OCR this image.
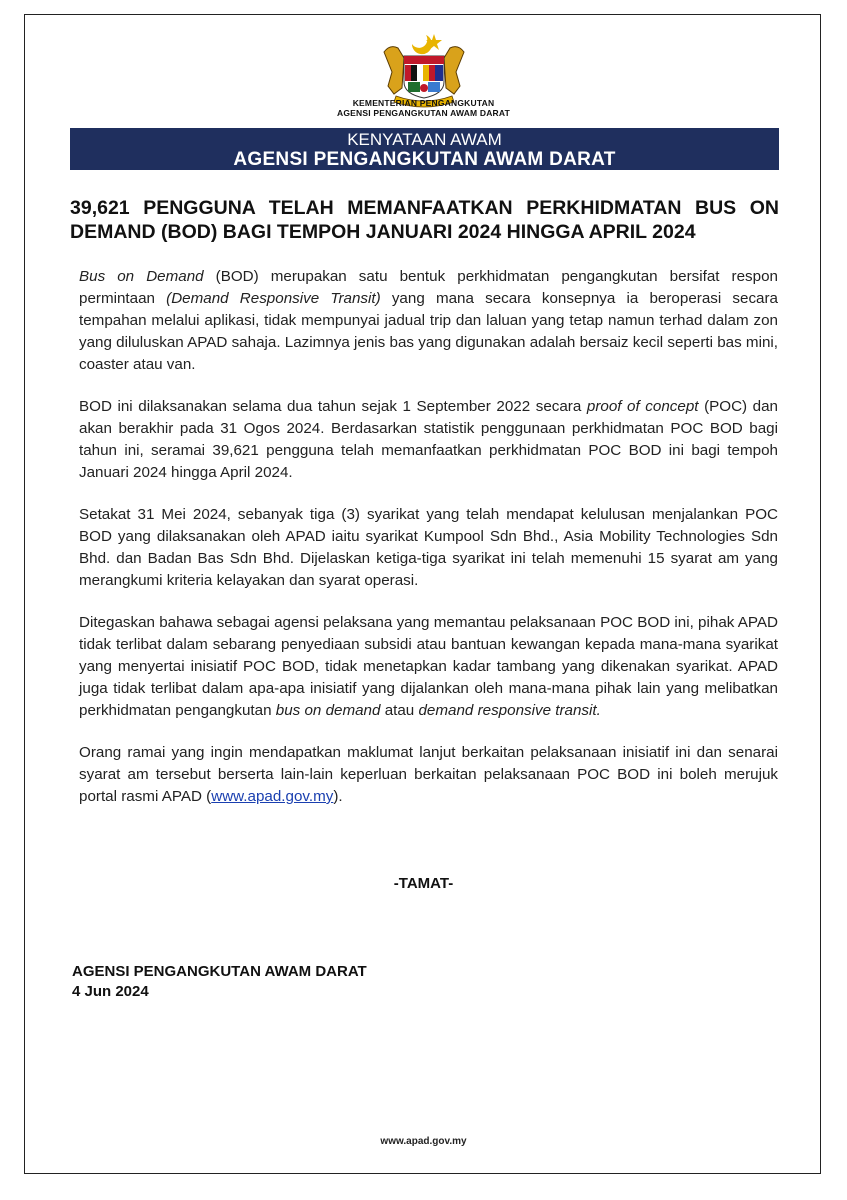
KEMENTERIAN PENGANGKUTAN
AGENSI PENGANGKUTAN AWAM DARAT
KENYATAAN AWAM
AGENSI PENGANGKUTAN AWAM DARAT
39,621 PENGGUNA TELAH MEMANFAATKAN PERKHIDMATAN BUS ON DEMAND (BOD) BAGI TEMPOH JANUARI 2024 HINGGA APRIL 2024

Bus on Demand (BOD) merupakan satu bentuk perkhidmatan pengangkutan bersifat respon permintaan (Demand Responsive Transit) yang mana secara konsepnya ia beroperasi secara tempahan melalui aplikasi, tidak mempunyai jadual trip dan laluan yang tetap namun terhad dalam zon yang diluluskan APAD sahaja. Lazimnya jenis bas yang digunakan adalah bersaiz kecil seperti bas mini, coaster atau van.

BOD ini dilaksanakan selama dua tahun sejak 1 September 2022 secara proof of concept (POC) dan akan berakhir pada 31 Ogos 2024. Berdasarkan statistik penggunaan perkhidmatan POC BOD bagi tahun ini, seramai 39,621 pengguna telah memanfaatkan perkhidmatan POC BOD ini bagi tempoh Januari 2024 hingga April 2024.

Setakat 31 Mei 2024, sebanyak tiga (3) syarikat yang telah mendapat kelulusan menjalankan POC BOD yang dilaksanakan oleh APAD iaitu syarikat Kumpool Sdn Bhd., Asia Mobility Technologies Sdn Bhd. dan Badan Bas Sdn Bhd. Dijelaskan ketiga-tiga syarikat ini telah memenuhi 15 syarat am yang merangkumi kriteria kelayakan dan syarat operasi.

Ditegaskan bahawa sebagai agensi pelaksana yang memantau pelaksanaan POC BOD ini, pihak APAD tidak terlibat dalam sebarang penyediaan subsidi atau bantuan kewangan kepada mana-mana syarikat yang menyertai inisiatif POC BOD, tidak menetapkan kadar tambang yang dikenakan syarikat. APAD juga tidak terlibat dalam apa-apa inisiatif yang dijalankan oleh mana-mana pihak lain yang melibatkan perkhidmatan pengangkutan bus on demand atau demand responsive transit.

Orang ramai yang ingin mendapatkan maklumat lanjut berkaitan pelaksanaan inisiatif ini dan senarai syarat am tersebut berserta lain-lain keperluan berkaitan pelaksanaan POC BOD ini boleh merujuk portal rasmi APAD (www.apad.gov.my).

-TAMAT-
AGENSI PENGANGKUTAN AWAM DARAT
4 Jun 2024
www.apad.gov.my
